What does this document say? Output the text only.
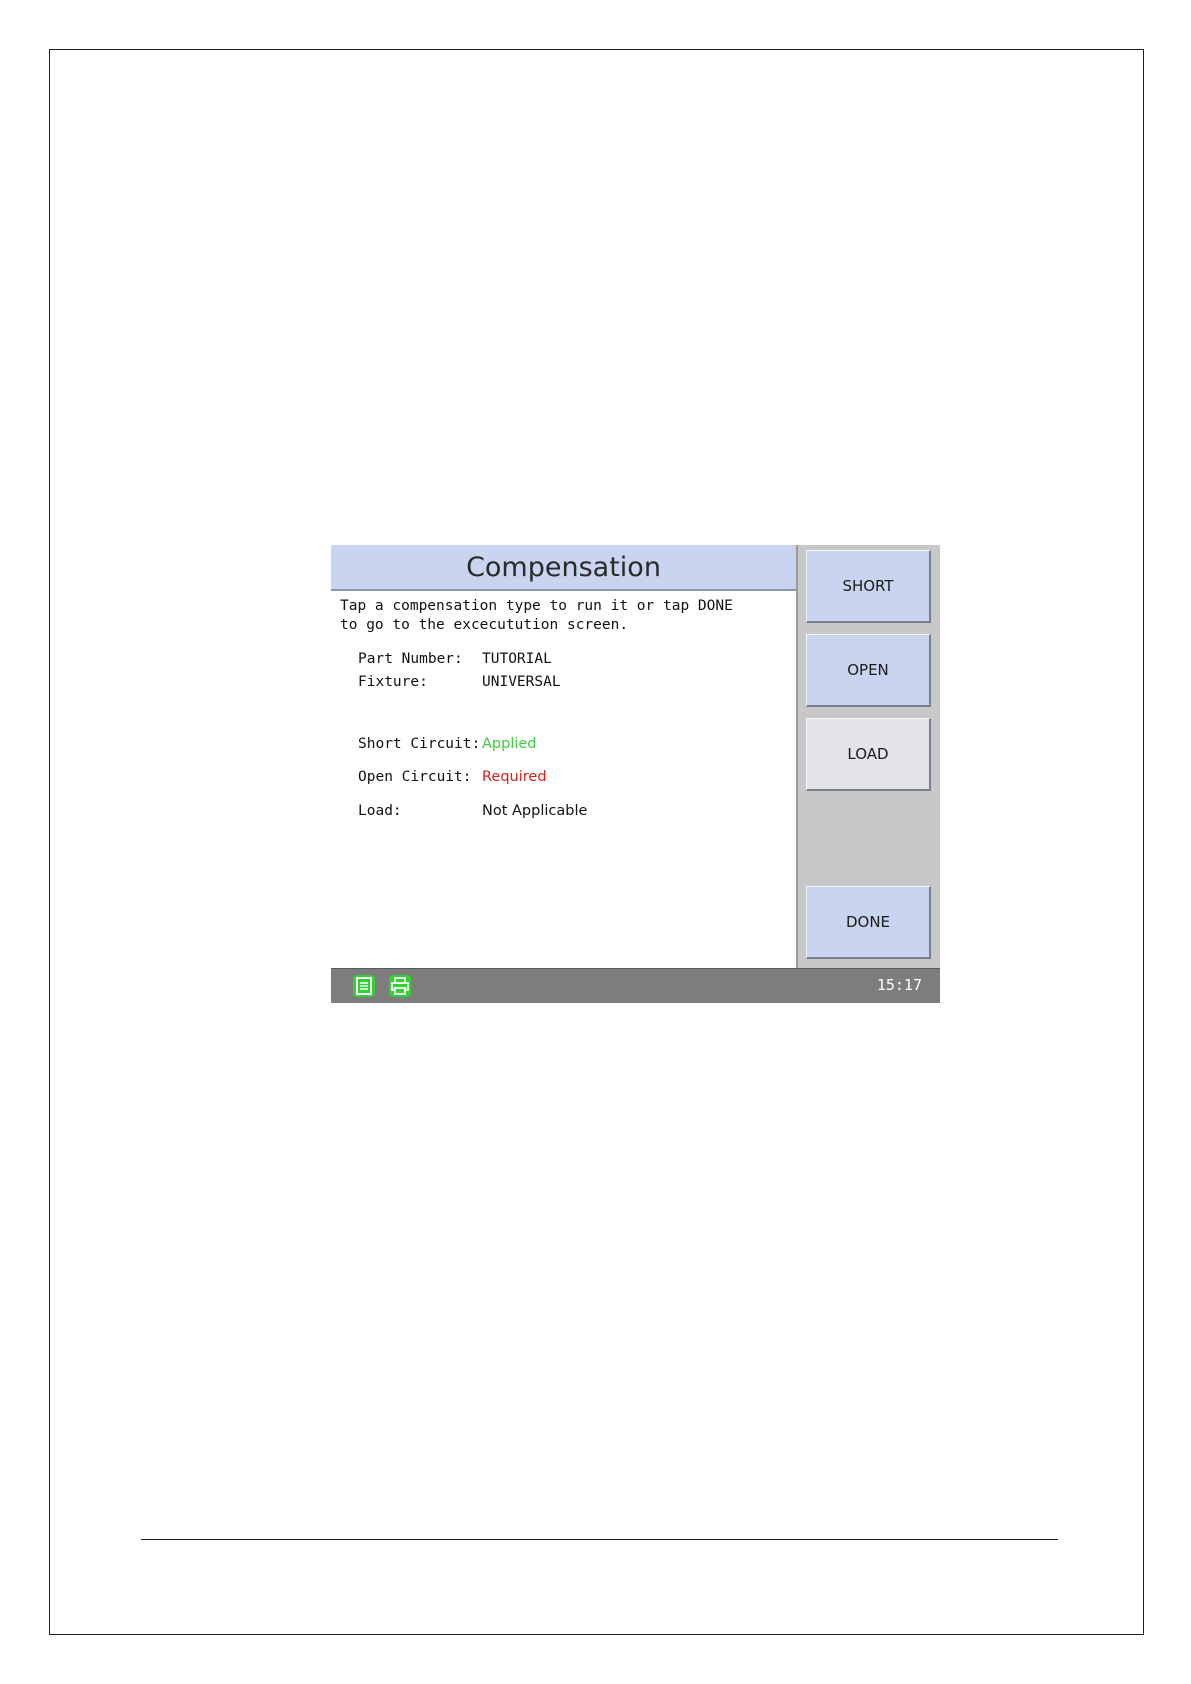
Compensation
Tap a compensation type to run it or tap DONE
to go to the excecutution screen.
Part Number: TUTORIAL
Fixture:	UNIVERSAL
Short Circuit: Applied
Open Circuit: Required
Load:	Not Applicable
SHORT
OPEN
LOAD
DONE
15:17
